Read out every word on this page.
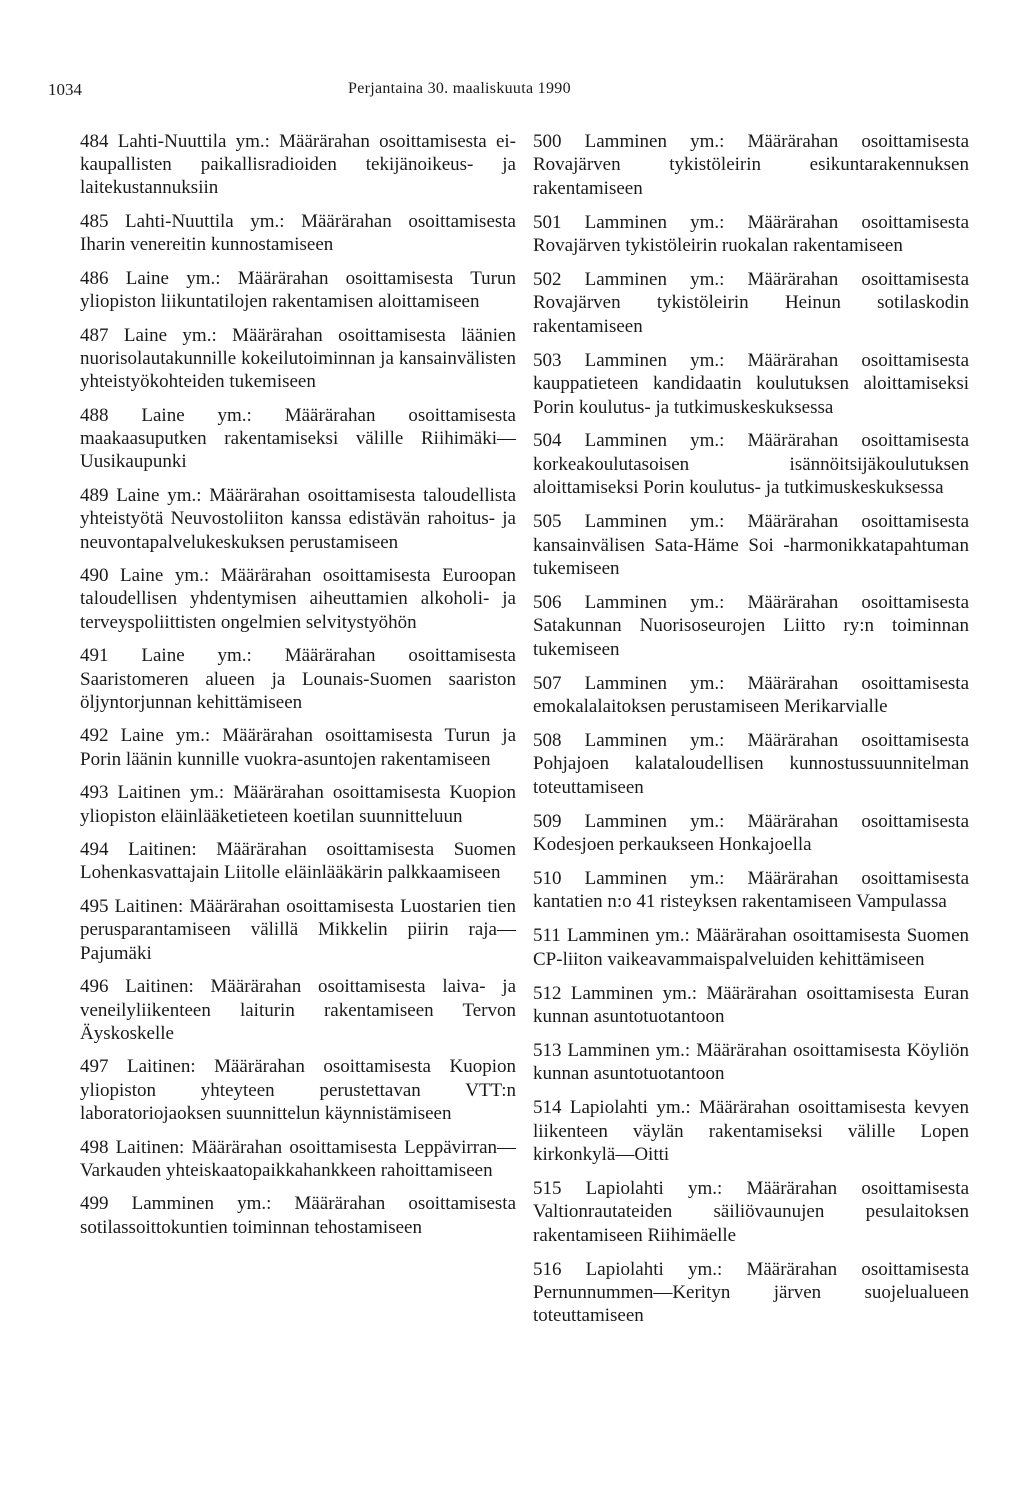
1034	Perjantaina 30. maaliskuuta 1990

484 Lahti-Nuuttila ym.: Määrärahan osoittamisesta ei-kaupallisten paikallisradioiden tekijänoikeus- ja laitekustannuksiin

485 Lahti-Nuuttila ym.: Määrärahan osoittamisesta Iharin venereitin kunnostamiseen

486 Laine ym.: Määrärahan osoittamisesta Turun yliopiston liikuntatilojen rakentamisen aloittamiseen

487 Laine ym.: Määrärahan osoittamisesta läänien nuorisolautakunnille kokeilutoiminnan ja kansainvälisten yhteistyökohteiden tukemiseen

488 Laine ym.: Määrärahan osoittamisesta maakaasuputken rakentamiseksi välille Riihimäki—Uusikaupunki

489 Laine ym.: Määrärahan osoittamisesta taloudellista yhteistyötä Neuvostoliiton kanssa edistävän rahoitus- ja neuvontapalvelukeskuksen perustamiseen

490 Laine ym.: Määrärahan osoittamisesta Euroopan taloudellisen yhdentymisen aiheuttamien alkoholi- ja terveyspoliittisten ongelmien selvitystyöhön

491 Laine ym.: Määrärahan osoittamisesta Saaristomeren alueen ja Lounais-Suomen saariston öljyntorjunnan kehittämiseen

492 Laine ym.: Määrärahan osoittamisesta Turun ja Porin läänin kunnille vuokra-asuntojen rakentamiseen

493 Laitinen ym.: Määrärahan osoittamisesta Kuopion yliopiston eläinlääketieteen koetilan suunnitteluun

494 Laitinen: Määrärahan osoittamisesta Suomen Lohenkasvattajain Liitolle eläinlääkärin palkkaamiseen

495 Laitinen: Määrärahan osoittamisesta Luostarien tien perusparantamiseen välillä Mikkelin piirin raja—Pajumäki

496 Laitinen: Määrärahan osoittamisesta laiva- ja veneilyliikenteen laiturin rakentamiseen Tervon Äyskoskelle

497 Laitinen: Määrärahan osoittamisesta Kuopion yliopiston yhteyteen perustettavan VTT:n laboratoriojaoksen suunnittelun käynnistämiseen

498 Laitinen: Määrärahan osoittamisesta Leppävirran—Varkauden yhteiskaatopaikkahankkeen rahoittamiseen

499 Lamminen ym.: Määrärahan osoittamisesta sotilassoittokuntien toiminnan tehostamiseen

500 Lamminen ym.: Määrärahan osoittamisesta Rovajärven tykistöleirin esikuntarakennuksen rakentamiseen

501 Lamminen ym.: Määrärahan osoittamisesta Rovajärven tykistöleirin ruokalan rakentamiseen

502 Lamminen ym.: Määrärahan osoittamisesta Rovajärven tykistöleirin Heinun sotilaskodin rakentamiseen

503 Lamminen ym.: Määrärahan osoittamisesta kauppatieteen kandidaatin koulutuksen aloittamiseksi Porin koulutus- ja tutkimuskeskuksessa

504 Lamminen ym.: Määrärahan osoittamisesta korkeakoulutasoisen isännöitsijäkoulutuksen aloittamiseksi Porin koulutus- ja tutkimuskeskuksessa

505 Lamminen ym.: Määrärahan osoittamisesta kansainvälisen Sata-Häme Soi -harmonikkatapahtuman tukemiseen

506 Lamminen ym.: Määrärahan osoittamisesta Satakunnan Nuorisoseurojen Liitto ry:n toiminnan tukemiseen

507 Lamminen ym.: Määrärahan osoittamisesta emokalalaitoksen perustamiseen Merikarvialle

508 Lamminen ym.: Määrärahan osoittamisesta Pohjajoen kalataloudellisen kunnostussuunnitelman toteuttamiseen

509 Lamminen ym.: Määrärahan osoittamisesta Kodesjoen perkaukseen Honkajoella

510 Lamminen ym.: Määrärahan osoittamisesta kantatien n:o 41 risteyksen rakentamiseen Vampulassa

511 Lamminen ym.: Määrärahan osoittamisesta Suomen CP-liiton vaikeavammaispalveluiden kehittämiseen

512 Lamminen ym.: Määrärahan osoittamisesta Euran kunnan asuntotuotantoon

513 Lamminen ym.: Määrärahan osoittamisesta Köyliön kunnan asuntotuotantoon

514 Lapiolahti ym.: Määrärahan osoittamisesta kevyen liikenteen väylän rakentamiseksi välille Lopen kirkonkylä—Oitti

515 Lapiolahti ym.: Määrärahan osoittamisesta Valtionrautateiden säiliövaunujen pesulaitoksen rakentamiseen Riihimäelle

516 Lapiolahti ym.: Määrärahan osoittamisesta Pernunnummen—Kerityn järven suojelualueen toteuttamiseen
